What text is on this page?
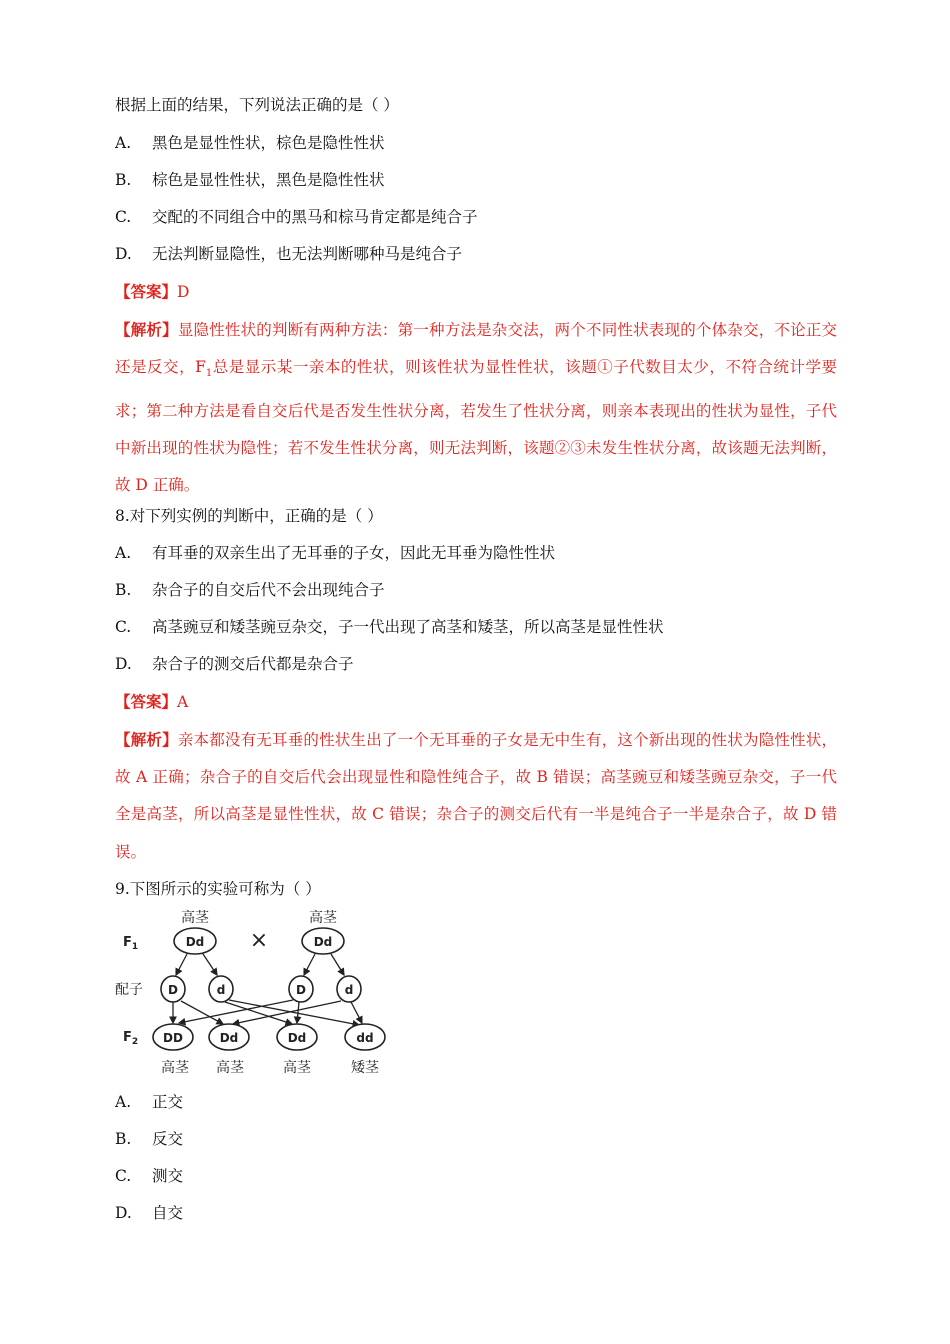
根据上面的结果，下列说法正确的是（ ）
A. 黑色是显性性状，棕色是隐性性状
B. 棕色是显性性状，黑色是隐性性状
C. 交配的不同组合中的黑马和棕马肯定都是纯合子
D. 无法判断显隐性，也无法判断哪种马是纯合子
【答案】D
【解析】显隐性性状的判断有两种方法：第一种方法是杂交法，两个不同性状表现的个体杂交，不论正交还是反交，$F_1$总是显示某一亲本的性状，则该性状为显性性状，该题①子代数目太少，不符合统计学要求；第二种方法是看自交后代是否发生性状分离，若发生了性状分离，则亲本表现出的性状为显性，子代中新出现的性状为隐性；若不发生性状分离，则无法判断，该题②③未发生性状分离，故该题无法判断，故 D 正确。
8.对下列实例的判断中，正确的是（ ）
A. 有耳垂的双亲生出了无耳垂的子女，因此无耳垂为隐性性状
B. 杂合子的自交后代不会出现纯合子
C. 高茎豌豆和矮茎豌豆杂交，子一代出现了高茎和矮茎，所以高茎是显性性状
D. 杂合子的测交后代都是杂合子
【答案】A
【解析】亲本都没有无耳垂的性状生出了一个无耳垂的子女是无中生有，这个新出现的性状为隐性性状，故 A 正确；杂合子的自交后代会出现显性和隐性纯合子，故 B 错误；高茎豌豆和矮茎豌豆杂交，子一代全是高茎，所以高茎是显性性状，故 C 错误；杂合子的测交后代有一半是纯合子一半是杂合子，故 D 错误。
9.下图所示的实验可称为（ ）
高茎	高茎
$F_1$	Dd ×	Dd
配子 D	d	D	d
$F_2$ DD	Dd	Dd	dd
高茎 高茎	高茎	矮茎
A. 正交
B. 反交
C. 测交
D. 自交
